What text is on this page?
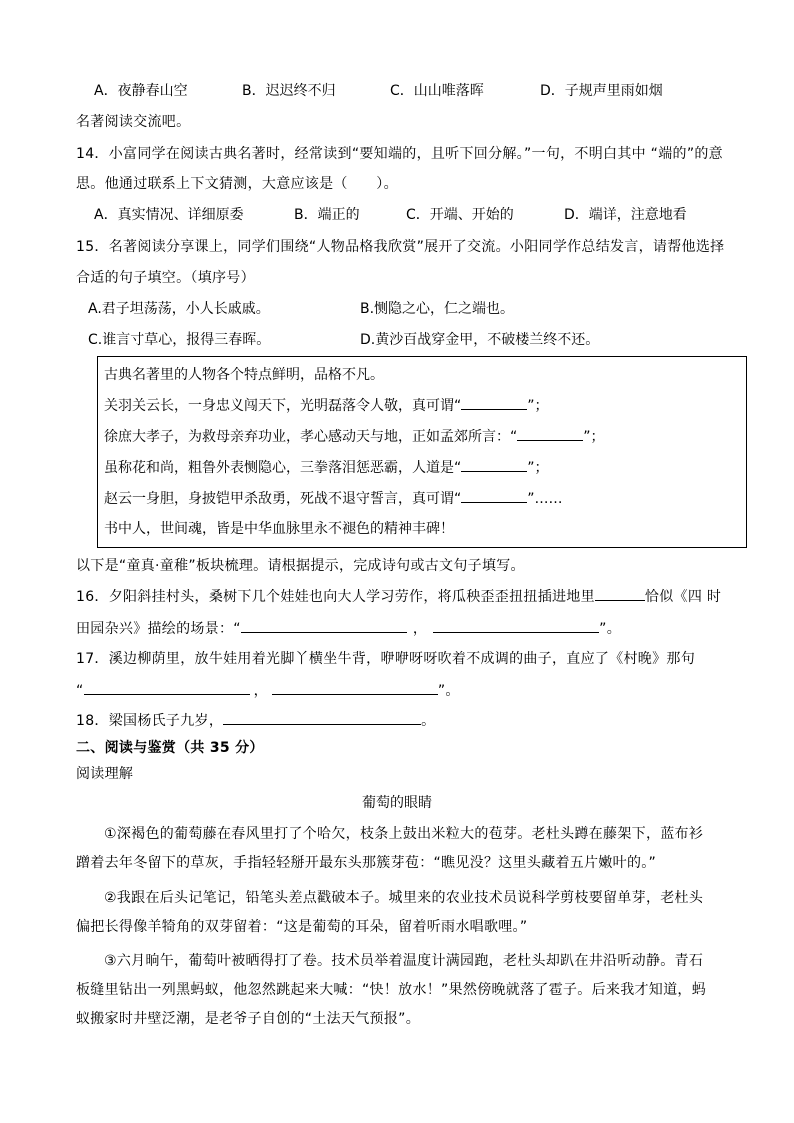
A．夜静春山空	B．迟迟终不归	C．山山唯落晖	D．子规声里雨如烟
名著阅读交流吧。
14．小富同学在阅读古典名著时，经常读到“要知端的，且听下回分解。”一句，不明白其中 “端的”的意
思。他通过联系上下文猜测，大意应该是（　　）。
A．真实情况、详细原委	B．端正的	C．开端、开始的	D．端详，注意地看
15．名著阅读分享课上，同学们围绕“人物品格我欣赏”展开了交流。小阳同学作总结发言，请帮他选择
合适的句子填空。（填序号）
A.君子坦荡荡，小人长戚戚。	B.恻隐之心，仁之端也。
C.谁言寸草心，报得三春晖。	D.黄沙百战穿金甲，不破楼兰终不还。
古典名著里的人物各个特点鲜明，品格不凡。
关羽关云长，一身忠义闯天下，光明磊落令人敬，真可谓“	”；
徐庶大孝子，为救母亲弃功业，孝心感动天与地，正如孟郊所言：“	”；
虽称花和尚，粗鲁外表恻隐心，三拳落泪惩恶霸，人道是“	”；
赵云一身胆，身披铠甲杀敌勇，死战不退守誓言，真可谓“	”……
书中人，世间魂，皆是中华血脉里永不褪色的精神丰碑！
以下是“童真·童稚”板块梳理。请根据提示，完成诗句或古文句子填写。
16．夕阳斜挂村头，桑树下几个娃娃也向大人学习劳作，将瓜秧歪歪扭扭插进地里	恰似《四 时
田园杂兴》描绘的场景：“	，	”。
17．溪边柳荫里，放牛娃用着光脚丫横坐牛背，咿咿呀呀吹着不成调的曲子，直应了《村晚》那句
“	，	”。
18．梁国杨氏子九岁，	。
二、阅读与鉴赏（共 35 分）
阅读理解
葡萄的眼睛
①深褐色的葡萄藤在春风里打了个哈欠，枝条上鼓出米粒大的苞芽。老杜头蹲在藤架下，蓝布衫蹭着去年冬留下的草灰，手指轻轻掰开最东头那簇芽苞：“瞧见没？这里头藏着五片嫩叶的。”
②我跟在后头记笔记，铅笔头差点戳破本子。城里来的农业技术员说科学剪枝要留单芽，老杜头偏把长得像羊犄角的双芽留着：“这是葡萄的耳朵，留着听雨水唱歌哩。”
③六月晌午，葡萄叶被晒得打了卷。技术员举着温度计满园跑，老杜头却趴在井沿听动静。青石板缝里钻出一列黑蚂蚁，他忽然跳起来大喊：“快！放水！”果然傍晚就落了雹子。后来我才知道，蚂蚁搬家时井壁泛潮，是老爷子自创的“土法天气预报”。
